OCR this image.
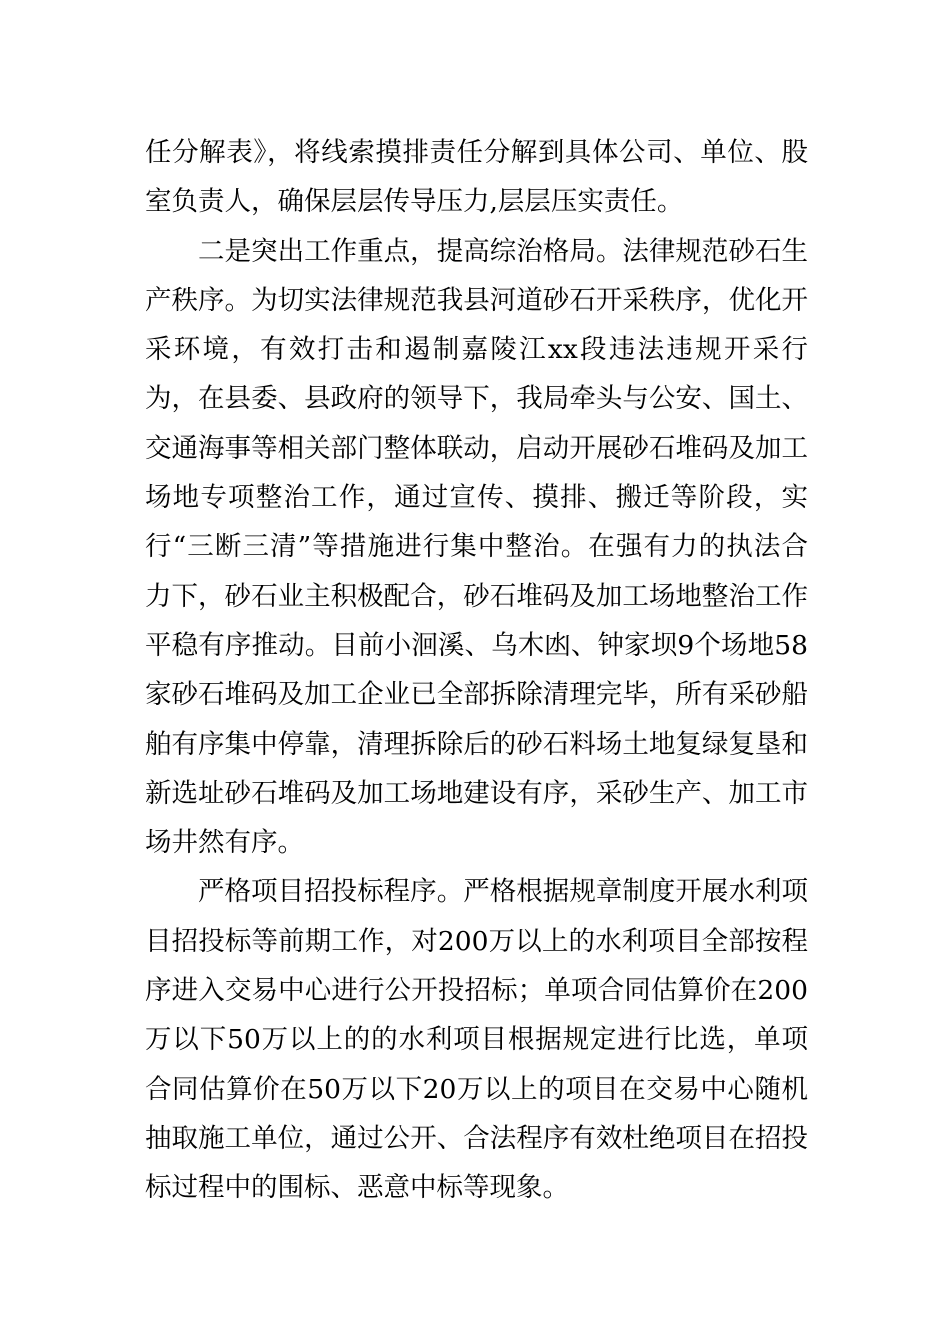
任分解表》，将线索摸排责任分解到具体公司、单位、股室负责人，确保层层传导压力,层层压实责任。

二是突出工作重点，提高综治格局。法律规范砂石生产秩序。为切实法律规范我县河道砂石开采秩序，优化开采环境，有效打击和遏制嘉陵江xx段违法违规开采行为，在县委、县政府的领导下，我局牵头与公安、国土、交通海事等相关部门整体联动，启动开展砂石堆码及加工场地专项整治工作，通过宣传、摸排、搬迁等阶段，实行“三断三清”等措施进行集中整治。在强有力的执法合力下，砂石业主积极配合，砂石堆码及加工场地整治工作平稳有序推动。目前小洄溪、乌木凼、钟家坝9个场地58家砂石堆码及加工企业已全部拆除清理完毕，所有采砂船舶有序集中停靠，清理拆除后的砂石料场土地复绿复垦和新选址砂石堆码及加工场地建设有序，采砂生产、加工市场井然有序。

严格项目招投标程序。严格根据规章制度开展水利项目招投标等前期工作，对200万以上的水利项目全部按程序进入交易中心进行公开投招标；单项合同估算价在200万以下50万以上的的水利项目根据规定进行比选，单项合同估算价在50万以下20万以上的项目在交易中心随机抽取施工单位，通过公开、合法程序有效杜绝项目在招投标过程中的围标、恶意中标等现象。
